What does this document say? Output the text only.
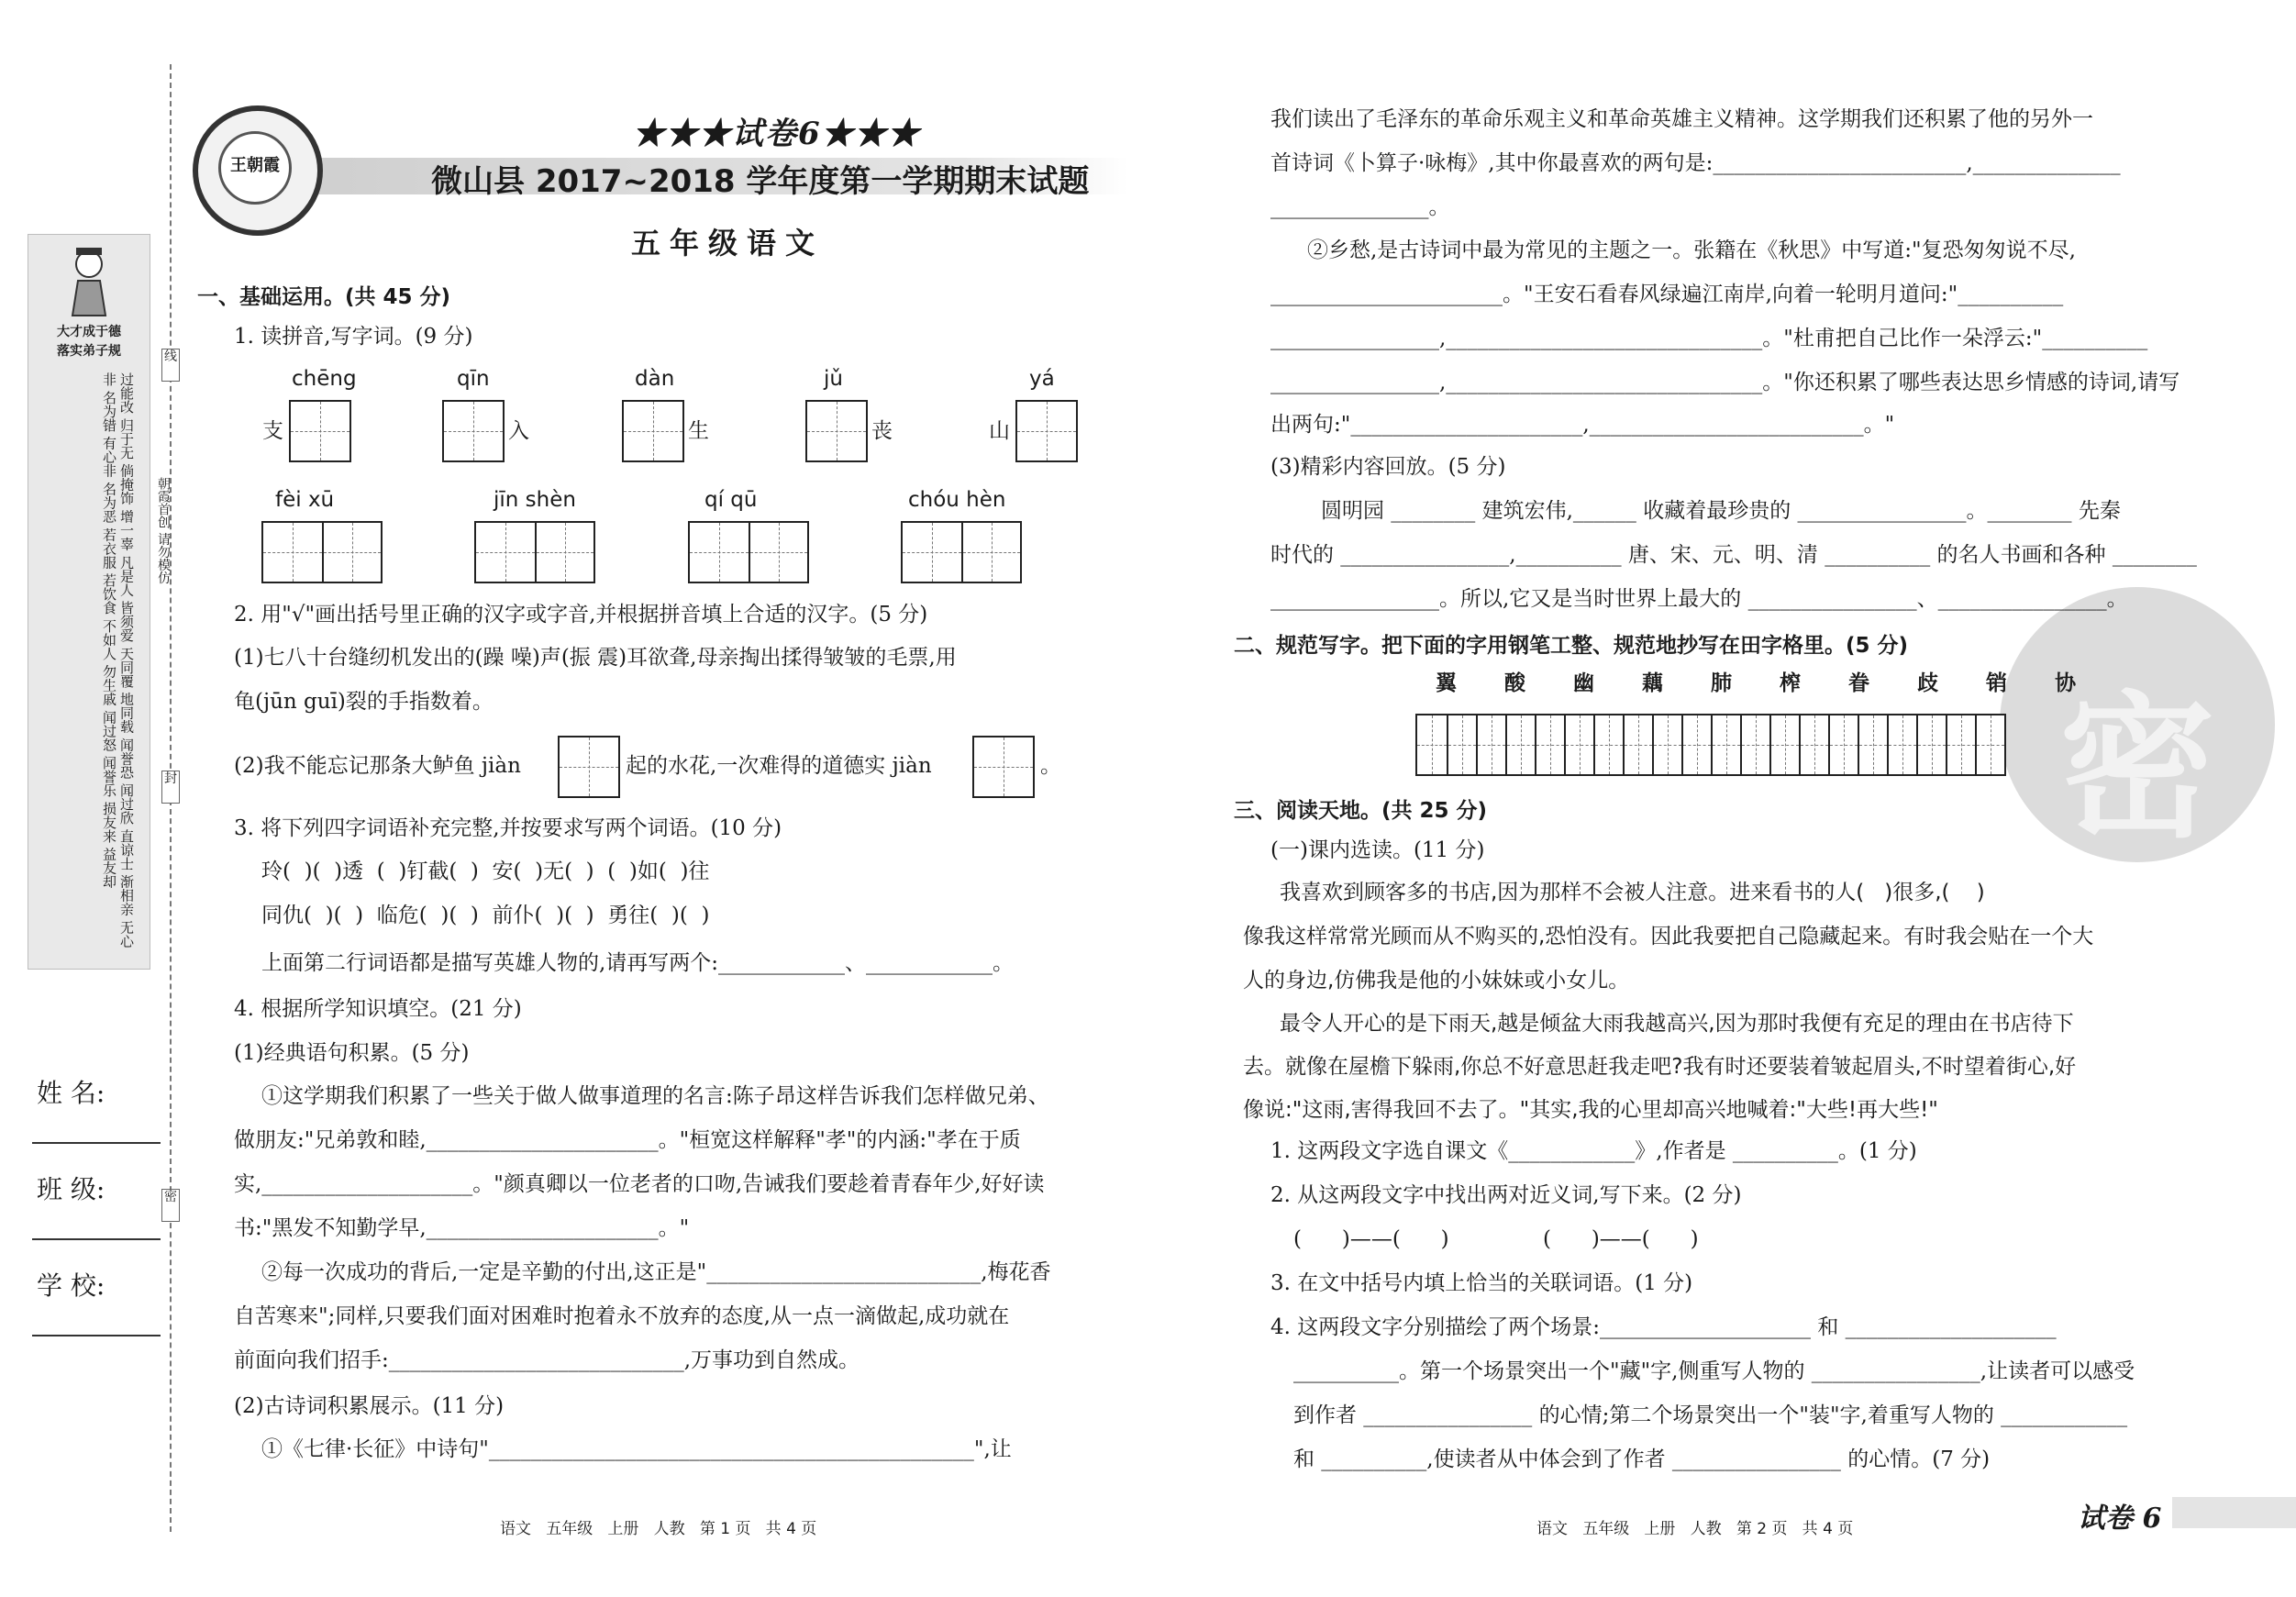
大才成于德
落实弟子规
过能改 归于无 倘掩饰 增一辜 凡是人 皆须爱 天同覆 地同载 闻誉恐 闻过欣 直谅士 渐相亲 无心非 名为错 有心非 名为恶 若衣服 若饮食 不如人 勿生戚 闻过怒 闻誉乐 损友来 益友却
线
封
密
朝霞首创 请勿模仿
姓 名:
班 级:
学 校:
王朝霞
★★★试卷6★★★
微山县 2017~2018 学年度第一学期期末试题
五年级语文
一、基础运用。(共 45 分)
1. 读拼音,写字词。(9 分)
chēng	qīn	dàn	jǔ	yá
支	入	生	丧	山
fèi xū	jīn shèn	qí qū	chóu hèn
2. 用"√"画出括号里正确的汉字或字音,并根据拼音填上合适的汉字。(5 分)
(1)七八十台缝纫机发出的(躁 噪)声(振 震)耳欲聋,母亲掏出揉得皱皱的毛票,用
龟(jūn guī)裂的手指数着。
(2)我不能忘记那条大鲈鱼 jiàn	起的水花,一次难得的道德实 jiàn	。
3. 将下列四字词语补充完整,并按要求写两个词语。(10 分)
玲(  )(  )透  (  )钉截(  )  安(  )无(  )  (  )如(  )往
同仇(  )(  )  临危(  )(  )  前仆(  )(  )  勇往(  )(  )
上面第二行词语都是描写英雄人物的,请再写两个:____________、____________。
4. 根据所学知识填空。(21 分)
(1)经典语句积累。(5 分)
①这学期我们积累了一些关于做人做事道理的名言:陈子昂这样告诉我们怎样做兄弟、
做朋友:"兄弟敦和睦,______________________。"桓宽这样解释"孝"的内涵:"孝在于质
实,____________________。"颜真卿以一位老者的口吻,告诫我们要趁着青春年少,好好读
书:"黑发不知勤学早,______________________。"
②每一次成功的背后,一定是辛勤的付出,这正是"__________________________,梅花香
自苦寒来";同样,只要我们面对困难时抱着永不放弃的态度,从一点一滴做起,成功就在
前面向我们招手:____________________________,万事功到自然成。
(2)古诗词积累展示。(11 分)
①《七律·长征》中诗句"______________________________________________",让
语文   五年级   上册   人教   第 1 页   共 4 页
密
我们读出了毛泽东的革命乐观主义和革命英雄主义精神。这学期我们还积累了他的另外一
首诗词《卜算子·咏梅》,其中你最喜欢的两句是:________________________,______________
_______________。
②乡愁,是古诗词中最为常见的主题之一。张籍在《秋思》中写道:"复恐匆匆说不尽,
______________________。"王安石看春风绿遍江南岸,向着一轮明月道问:"__________
________________,______________________________。"杜甫把自己比作一朵浮云:"__________
________________,______________________________。"你还积累了哪些表达思乡情感的诗词,请写
出两句:"______________________,__________________________。"
(3)精彩内容回放。(5 分)
圆明园 ________ 建筑宏伟,______ 收藏着最珍贵的 ________________。________ 先秦
时代的 ________________,__________ 唐、宋、元、明、清 __________ 的名人书画和各种 ________
________________。所以,它又是当时世界上最大的 ________________、________________。
二、规范写字。把下面的字用钢笔工整、规范地抄写在田字格里。(5 分)
翼 酸 幽 藕 肺 榨 眷 歧 销 协
三、阅读天地。(共 25 分)
(一)课内选读。(11 分)
我喜欢到顾客多的书店,因为那样不会被人注意。进来看书的人(   )很多,(    )
像我这样常常光顾而从不购买的,恐怕没有。因此我要把自己隐藏起来。有时我会贴在一个大
人的身边,仿佛我是他的小妹妹或小女儿。
最令人开心的是下雨天,越是倾盆大雨我越高兴,因为那时我便有充足的理由在书店待下
去。就像在屋檐下躲雨,你总不好意思赶我走吧?我有时还要装着皱起眉头,不时望着街心,好
像说:"这雨,害得我回不去了。"其实,我的心里却高兴地喊着:"大些!再大些!"
1. 这两段文字选自课文《____________》,作者是 __________。(1 分)
2. 从这两段文字中找出两对近义词,写下来。(2 分)
(      )——(      )              (      )——(      )
3. 在文中括号内填上恰当的关联词语。(1 分)
4. 这两段文字分别描绘了两个场景:____________________ 和 ____________________
__________。第一个场景突出一个"藏"字,侧重写人物的 ________________,让读者可以感受
到作者 ________________ 的心情;第二个场景突出一个"装"字,着重写人物的 ____________
和 __________,使读者从中体会到了作者 ________________ 的心情。(7 分)
语文   五年级   上册   人教   第 2 页   共 4 页	试卷 6
